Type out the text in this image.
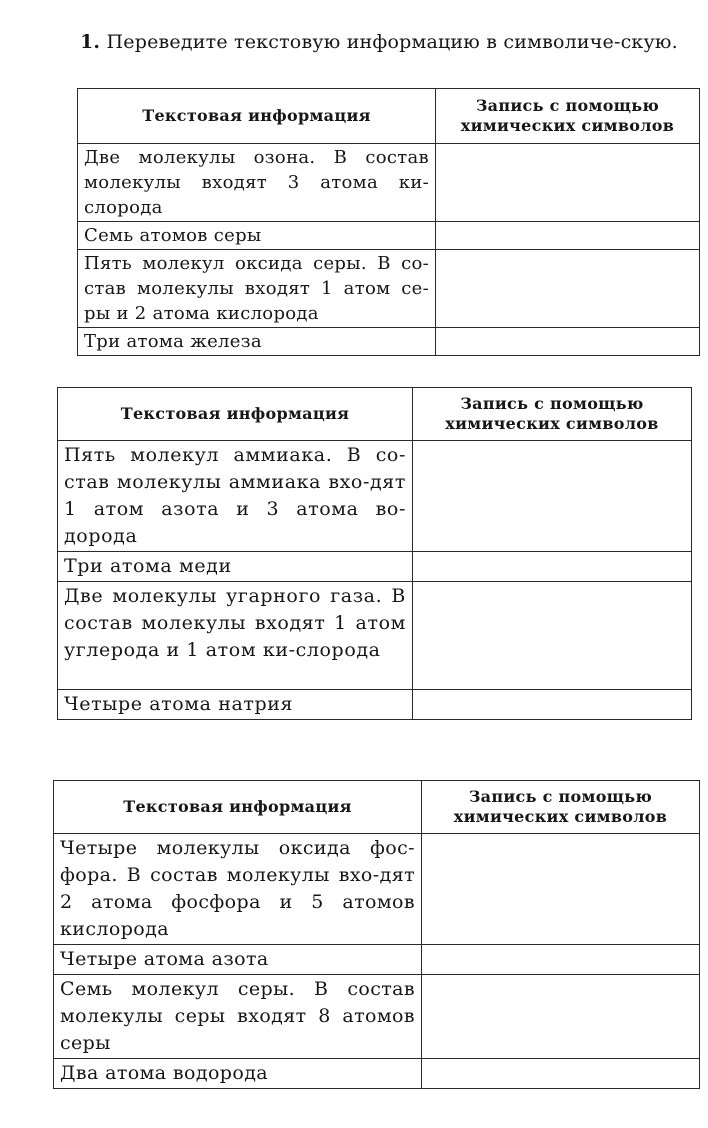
1. Переведите текстовую информацию в символиче-скую.
Текстовая информация	Запись с помощью химических символов
Две молекулы озона. В состав молекулы входят 3 атома ки-слорода	
Семь атомов серы	
Пять молекул оксида серы. В со-став молекулы входят 1 атом се-ры и 2 атома кислорода	
Три атома железа	
Текстовая информация	Запись с помощью химических символов
Пять молекул аммиака. В со-став молекулы аммиака вхо-дят 1 атом азота и 3 атома во-дорода	
Три атома меди	
Две молекулы угарного газа. В состав молекулы входят 1 атом углерода и 1 атом ки-слорода	
Четыре атома натрия	
Текстовая информация	Запись с помощью химических символов
Четыре молекулы оксида фос-фора. В состав молекулы вхо-дят 2 атома фосфора и 5 атомов кислорода	
Четыре атома азота	
Семь молекул серы. В состав молекулы серы входят 8 атомов серы	
Два атома водорода	
